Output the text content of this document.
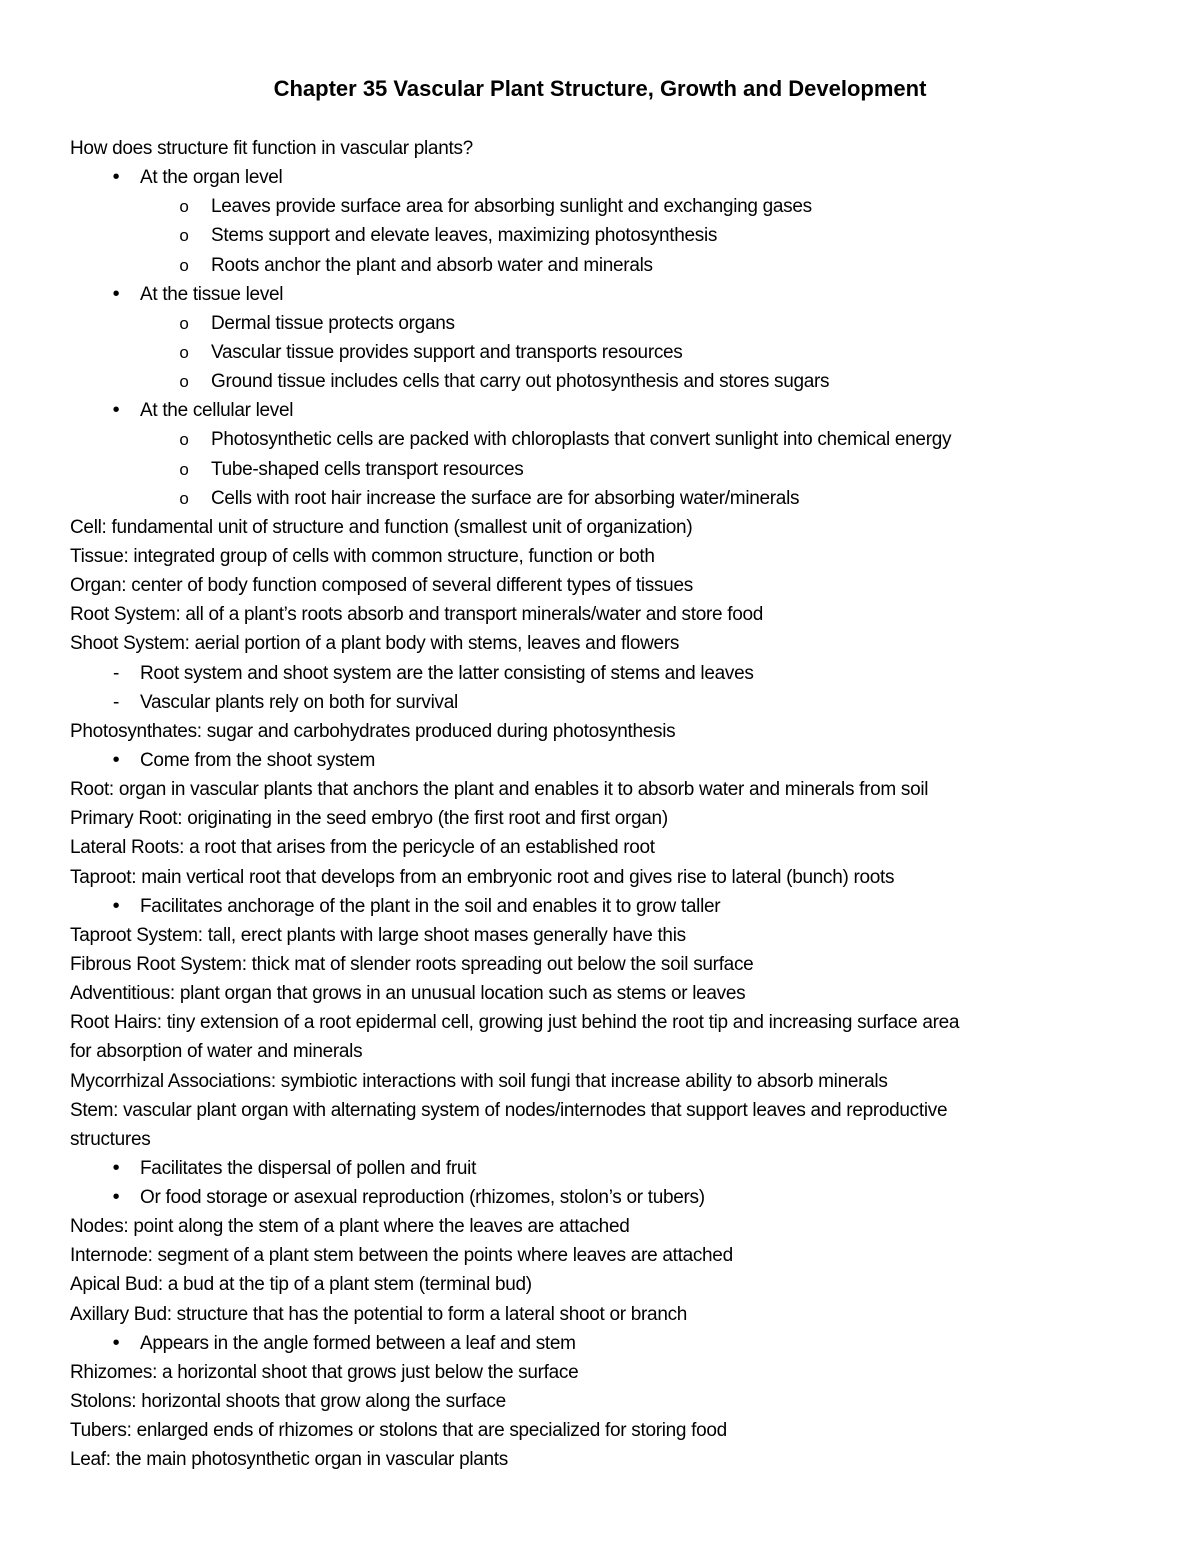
Chapter 35 Vascular Plant Structure, Growth and Development
How does structure fit function in vascular plants?
•	At the organ level
o Leaves provide surface area for absorbing sunlight and exchanging gases
o Stems support and elevate leaves, maximizing photosynthesis
o Roots anchor the plant and absorb water and minerals
•	At the tissue level
o Dermal tissue protects organs
o Vascular tissue provides support and transports resources
o Ground tissue includes cells that carry out photosynthesis and stores sugars
•	At the cellular level
o Photosynthetic cells are packed with chloroplasts that convert sunlight into chemical energy
o Tube-shaped cells transport resources
o Cells with root hair increase the surface are for absorbing water/minerals
Cell: fundamental unit of structure and function (smallest unit of organization)
Tissue: integrated group of cells with common structure, function or both
Organ: center of body function composed of several different types of tissues
Root System: all of a plant’s roots absorb and transport minerals/water and store food
Shoot System: aerial portion of a plant body with stems, leaves and flowers
-	Root system and shoot system are the latter consisting of stems and leaves
-	Vascular plants rely on both for survival
Photosynthates: sugar and carbohydrates produced during photosynthesis
•	Come from the shoot system
Root: organ in vascular plants that anchors the plant and enables it to absorb water and minerals from soil
Primary Root: originating in the seed embryo (the first root and first organ)
Lateral Roots: a root that arises from the pericycle of an established root
Taproot: main vertical root that develops from an embryonic root and gives rise to lateral (bunch) roots
•	Facilitates anchorage of the plant in the soil and enables it to grow taller
Taproot System: tall, erect plants with large shoot mases generally have this
Fibrous Root System: thick mat of slender roots spreading out below the soil surface
Adventitious: plant organ that grows in an unusual location such as stems or leaves
Root Hairs: tiny extension of a root epidermal cell, growing just behind the root tip and increasing surface area
for absorption of water and minerals
Mycorrhizal Associations: symbiotic interactions with soil fungi that increase ability to absorb minerals
Stem: vascular plant organ with alternating system of nodes/internodes that support leaves and reproductive
structures
•	Facilitates the dispersal of pollen and fruit
•	Or food storage or asexual reproduction (rhizomes, stolon’s or tubers)
Nodes: point along the stem of a plant where the leaves are attached
Internode: segment of a plant stem between the points where leaves are attached
Apical Bud: a bud at the tip of a plant stem (terminal bud)
Axillary Bud: structure that has the potential to form a lateral shoot or branch
•	Appears in the angle formed between a leaf and stem
Rhizomes: a horizontal shoot that grows just below the surface
Stolons: horizontal shoots that grow along the surface
Tubers: enlarged ends of rhizomes or stolons that are specialized for storing food
Leaf: the main photosynthetic organ in vascular plants
